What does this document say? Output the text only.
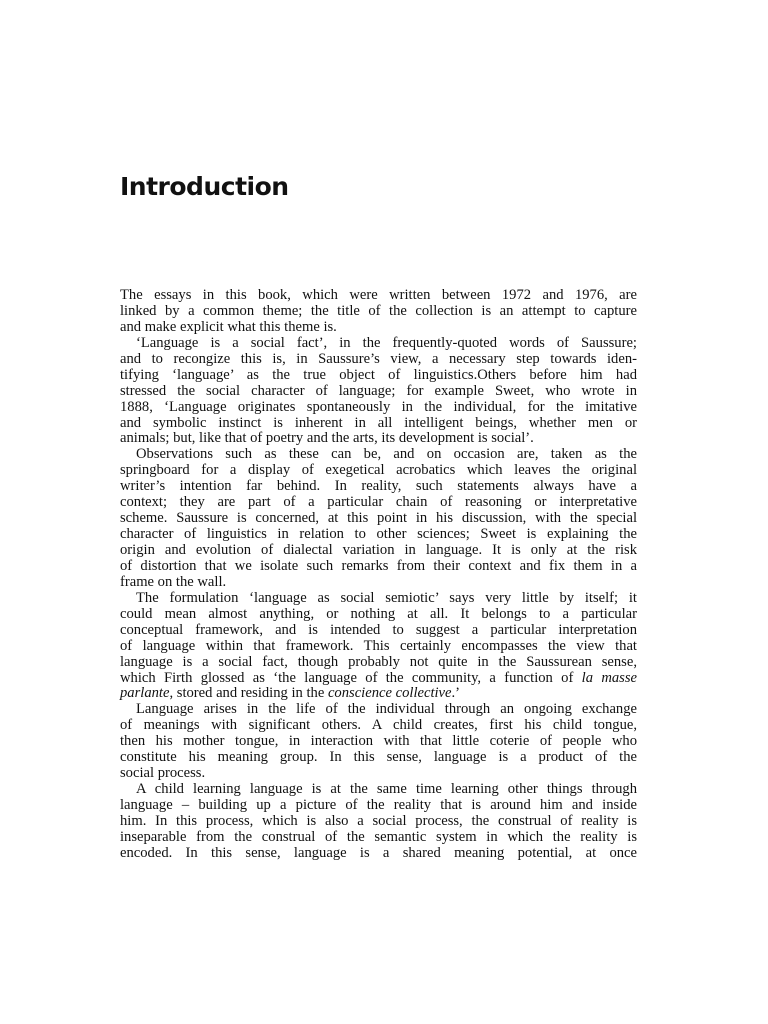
Introduction
The essays in this book, which were written between 1972 and 1976, are
linked by a common theme; the title of the collection is an attempt to capture
and make explicit what this theme is.
‘Language is a social fact’, in the frequently-quoted words of Saussure;
and to recongize this is, in Saussure’s view, a necessary step towards iden-
tifying ‘language’ as the true object of linguistics.Others before him had
stressed the social character of language; for example Sweet, who wrote in
1888, ‘Language originates spontaneously in the individual, for the imitative
and symbolic instinct is inherent in all intelligent beings, whether men or
animals; but, like that of poetry and the arts, its development is social’.
Observations such as these can be, and on occasion are, taken as the
springboard for a display of exegetical acrobatics which leaves the original
writer’s intention far behind. In reality, such statements always have a
context; they are part of a particular chain of reasoning or interpretative
scheme. Saussure is concerned, at this point in his discussion, with the special
character of linguistics in relation to other sciences; Sweet is explaining the
origin and evolution of dialectal variation in language. It is only at the risk
of distortion that we isolate such remarks from their context and fix them in a
frame on the wall.
The formulation ‘language as social semiotic’ says very little by itself; it
could mean almost anything, or nothing at all. It belongs to a particular
conceptual framework, and is intended to suggest a particular interpretation
of language within that framework. This certainly encompasses the view that
language is a social fact, though probably not quite in the Saussurean sense,
which Firth glossed as ‘the language of the community, a function of la masse
parlante, stored and residing in the conscience collective.’
Language arises in the life of the individual through an ongoing exchange
of meanings with significant others. A child creates, first his child tongue,
then his mother tongue, in interaction with that little coterie of people who
constitute his meaning group. In this sense, language is a product of the
social process.
A child learning language is at the same time learning other things through
language – building up a picture of the reality that is around him and inside
him. In this process, which is also a social process, the construal of reality is
inseparable from the construal of the semantic system in which the reality is
encoded. In this sense, language is a shared meaning potential, at once
